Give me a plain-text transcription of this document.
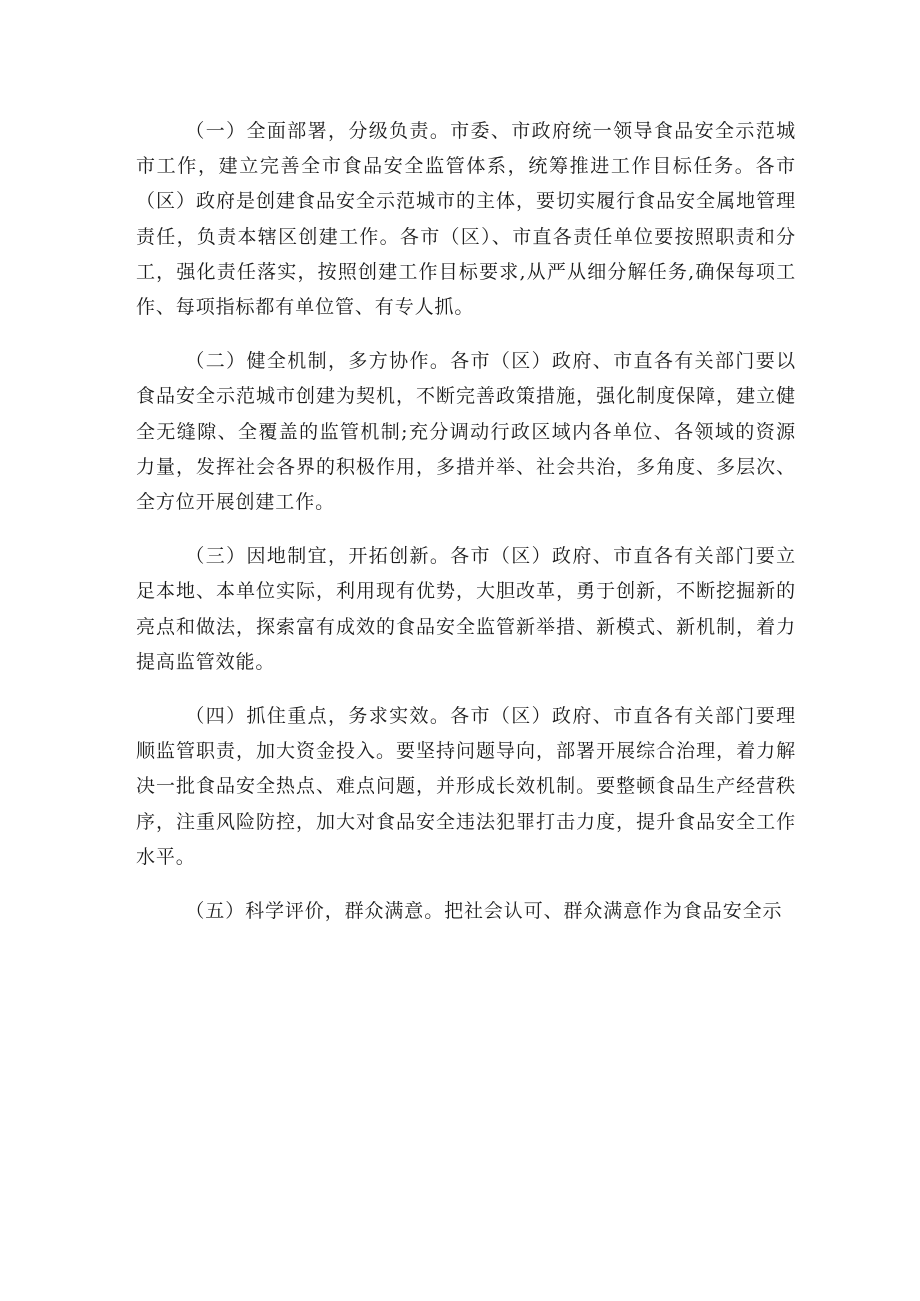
（一）全面部署，分级负责。市委、市政府统一领导食品安全示范城市工作，建立完善全市食品安全监管体系，统筹推进工作目标任务。各市（区）政府是创建食品安全示范城市的主体，要切实履行食品安全属地管理责任，负责本辖区创建工作。各市（区）、市直各责任单位要按照职责和分工，强化责任落实，按照创建工作目标要求,从严从细分解任务,确保每项工作、每项指标都有单位管、有专人抓。

（二）健全机制，多方协作。各市（区）政府、市直各有关部门要以食品安全示范城市创建为契机，不断完善政策措施，强化制度保障，建立健全无缝隙、全覆盖的监管机制;充分调动行政区域内各单位、各领域的资源力量，发挥社会各界的积极作用，多措并举、社会共治，多角度、多层次、全方位开展创建工作。

（三）因地制宜，开拓创新。各市（区）政府、市直各有关部门要立足本地、本单位实际，利用现有优势，大胆改革，勇于创新，不断挖掘新的亮点和做法，探索富有成效的食品安全监管新举措、新模式、新机制，着力提高监管效能。

（四）抓住重点，务求实效。各市（区）政府、市直各有关部门要理顺监管职责，加大资金投入。要坚持问题导向，部署开展综合治理，着力解决一批食品安全热点、难点问题，并形成长效机制。要整顿食品生产经营秩序，注重风险防控，加大对食品安全违法犯罪打击力度，提升食品安全工作水平。

（五）科学评价，群众满意。把社会认可、群众满意作为食品安全示
